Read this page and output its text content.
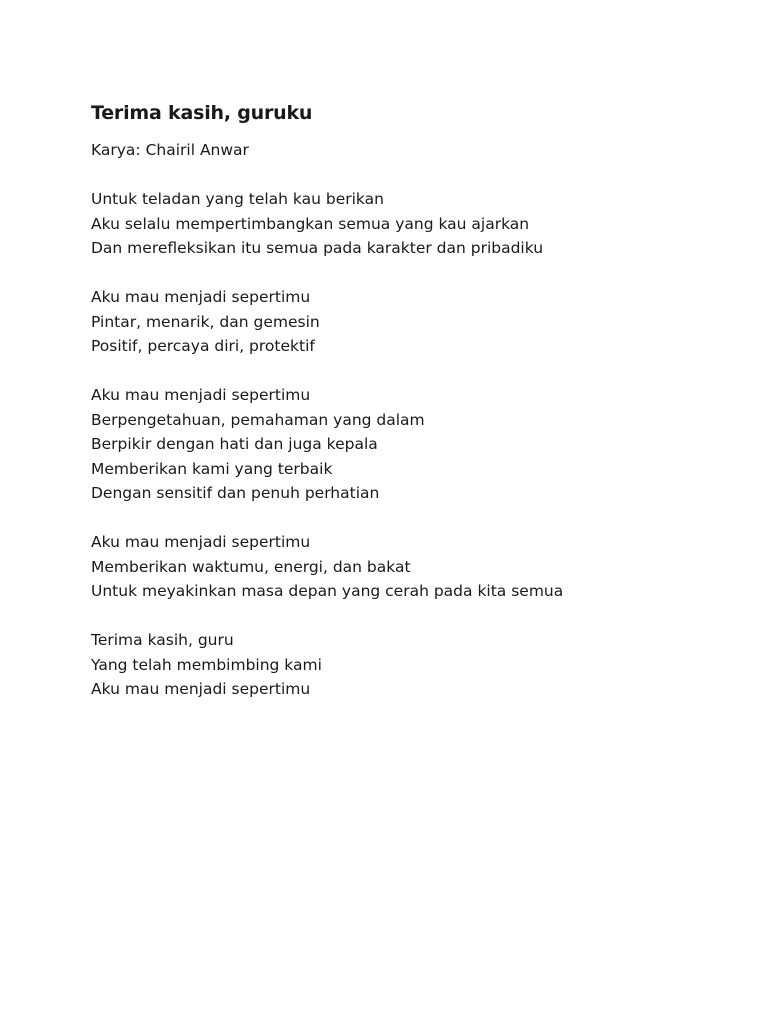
Terima kasih, guruku

Karya: Chairil Anwar

Untuk teladan yang telah kau berikan
Aku selalu mempertimbangkan semua yang kau ajarkan
Dan merefleksikan itu semua pada karakter dan pribadiku
Aku mau menjadi sepertimu
Pintar, menarik, dan gemesin
Positif, percaya diri, protektif
Aku mau menjadi sepertimu
Berpengetahuan, pemahaman yang dalam
Berpikir dengan hati dan juga kepala
Memberikan kami yang terbaik
Dengan sensitif dan penuh perhatian
Aku mau menjadi sepertimu
Memberikan waktumu, energi, dan bakat
Untuk meyakinkan masa depan yang cerah pada kita semua
Terima kasih, guru
Yang telah membimbing kami
Aku mau menjadi sepertimu
